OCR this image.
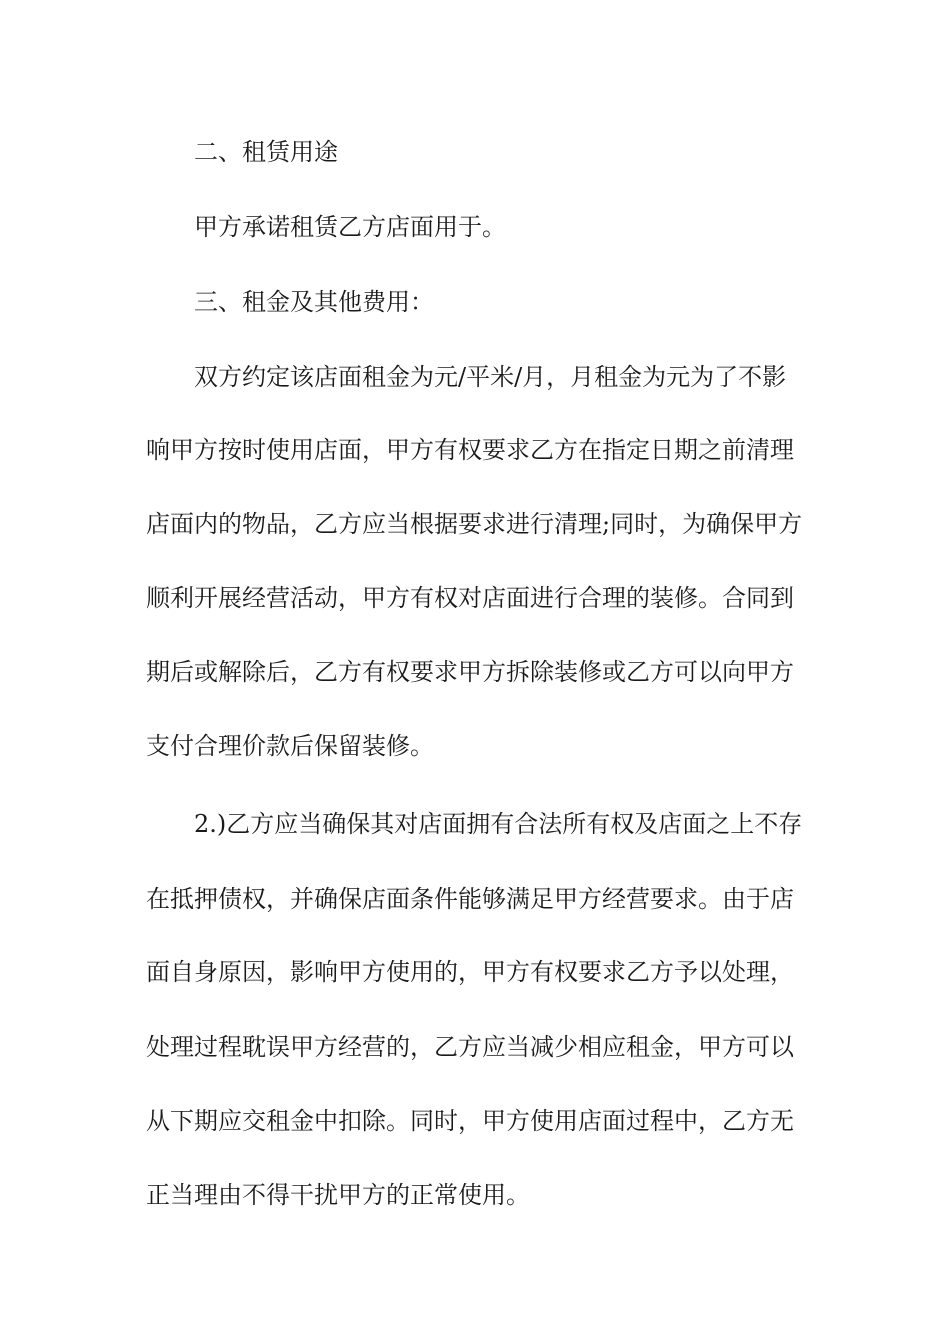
二、租赁用途
甲方承诺租赁乙方店面用于。
三、租金及其他费用：
双方约定该店面租金为元/平米/月，月租金为元为了不影
响甲方按时使用店面，甲方有权要求乙方在指定日期之前清理
店面内的物品，乙方应当根据要求进行清理;同时，为确保甲方
顺利开展经营活动，甲方有权对店面进行合理的装修。合同到
期后或解除后，乙方有权要求甲方拆除装修或乙方可以向甲方
支付合理价款后保留装修。
2.)乙方应当确保其对店面拥有合法所有权及店面之上不存
在抵押债权，并确保店面条件能够满足甲方经营要求。由于店
面自身原因，影响甲方使用的，甲方有权要求乙方予以处理，
处理过程耽误甲方经营的，乙方应当减少相应租金，甲方可以
从下期应交租金中扣除。同时，甲方使用店面过程中，乙方无
正当理由不得干扰甲方的正常使用。
